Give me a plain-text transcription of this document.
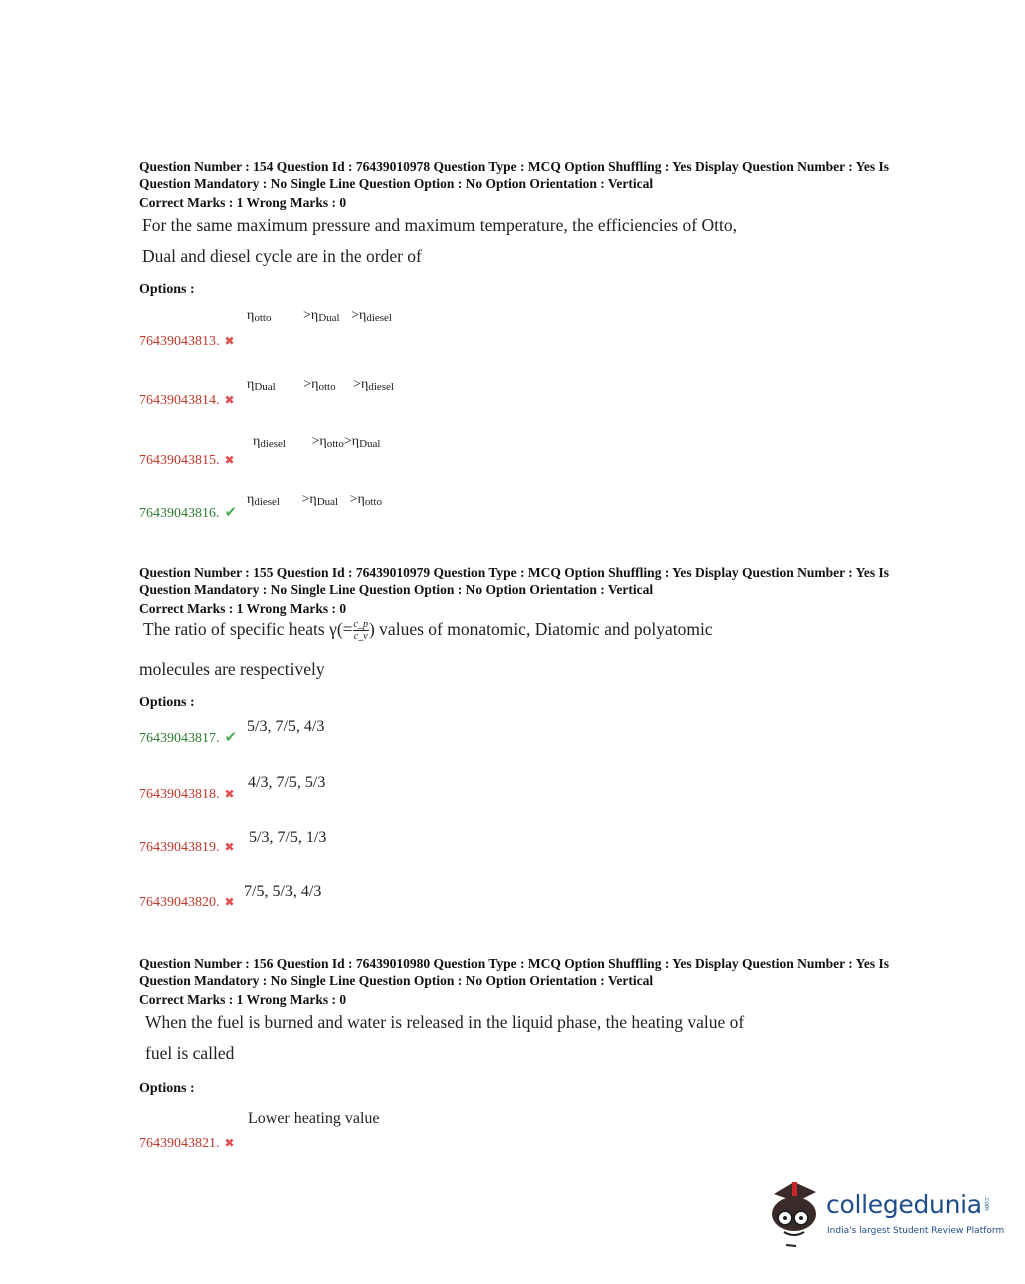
Question Number : 154 Question Id : 76439010978 Question Type : MCQ Option Shuffling : Yes Display Question Number : Yes Is Question Mandatory : No Single Line Question Option : No Option Orientation : Vertical
Correct Marks : 1 Wrong Marks : 0
For the same maximum pressure and maximum temperature, the efficiencies of Otto,
Dual and diesel cycle are in the order of
Options :
$\eta_{otto} >\eta_{Dual} >\eta_{diesel}$
76439043813. ✖
$\eta_{Dual} >\eta_{otto} >\eta_{diesel}$
76439043814. ✖
$\eta_{diesel} >\eta_{otto}>\eta_{Dual}$
76439043815. ✖
$\eta_{diesel} >\eta_{Dual} >\eta_{otto}$
76439043816. ✔
Question Number : 155 Question Id : 76439010979 Question Type : MCQ Option Shuffling : Yes Display Question Number : Yes Is Question Mandatory : No Single Line Question Option : No Option Orientation : Vertical
Correct Marks : 1 Wrong Marks : 0
The ratio of specific heats $\gamma(= \frac{c\_p}{c\_v}$ ) values of monatomic, Diatomic and polyatomic
molecules are respectively
Options :
76439043817. ✔
5/3, 7/5, 4/3
4/3, 7/5, 5/3
76439043818. ✖
5/3, 7/5, 1/3
76439043819. ✖
7/5, 5/3, 4/3
76439043820. ✖
Question Number : 156 Question Id : 76439010980 Question Type : MCQ Option Shuffling : Yes Display Question Number : Yes Is Question Mandatory : No Single Line Question Option : No Option Orientation : Vertical
Correct Marks : 1 Wrong Marks : 0
When the fuel is burned and water is released in the liquid phase, the heating value of
fuel is called
Options :
Lower heating value
76439043821. ✖
collegedunia .com
India's largest Student Review Platform
